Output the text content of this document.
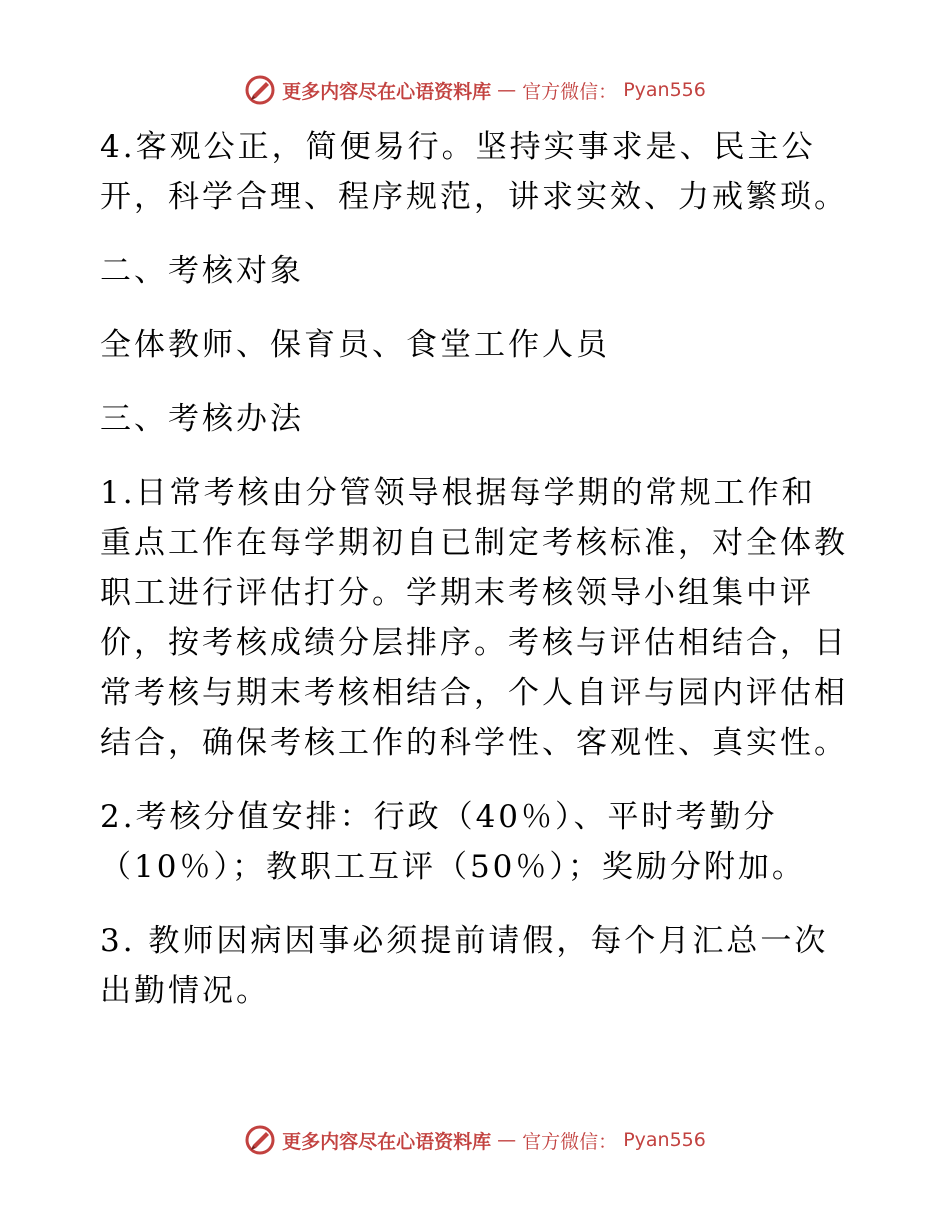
更多内容尽在心语资料库 — 官方微信： Pyan556
4.客观公正，简便易行。坚持实事求是、民主公
开，科学合理、程序规范，讲求实效、力戒繁琐。
二、考核对象
全体教师、保育员、食堂工作人员
三、考核办法
1.日常考核由分管领导根据每学期的常规工作和
重点工作在每学期初自已制定考核标准，对全体教
职工进行评估打分。学期末考核领导小组集中评
价，按考核成绩分层排序。考核与评估相结合，日
常考核与期末考核相结合，个人自评与园内评估相
结合，确保考核工作的科学性、客观性、真实性。
2.考核分值安排：行政（40％）、平时考勤分
（10％）；教职工互评（50％）；奖励分附加。
3. 教师因病因事必须提前请假，每个月汇总一次
出勤情况。
更多内容尽在心语资料库 — 官方微信： Pyan556
